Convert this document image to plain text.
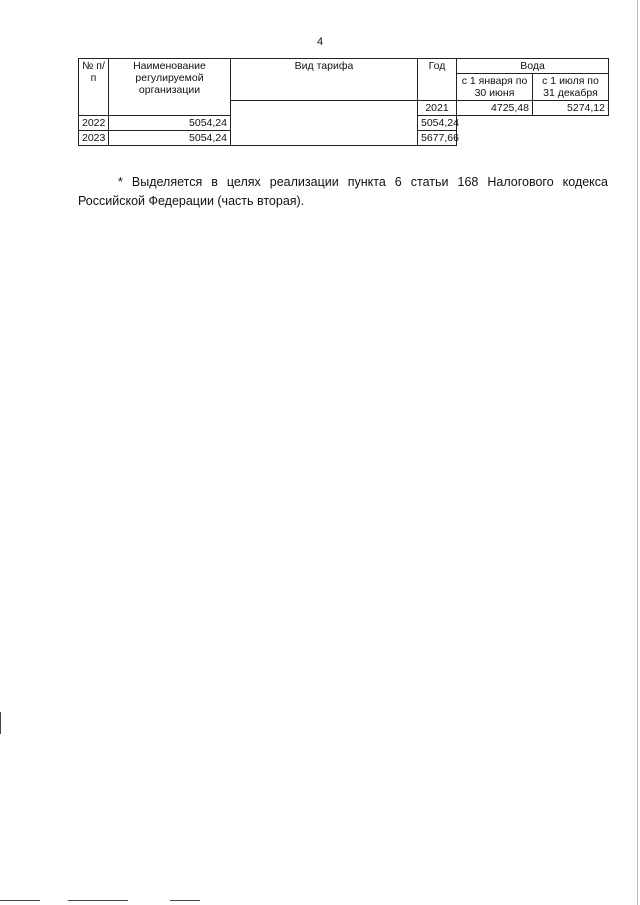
4
№ п/п	Наименование регулируемой организации	Вид тарифа	Год	Вода	
				с 1 января по 30 июня	с 1 июля по 31 декабря
			2021	4725,48	5274,12
2022	5054,24		5054,24		
2023	5054,24		5677,66		

* Выделяется в целях реализации пункта 6 статьи 168 Налогового кодекса Российской Федерации (часть вторая).
